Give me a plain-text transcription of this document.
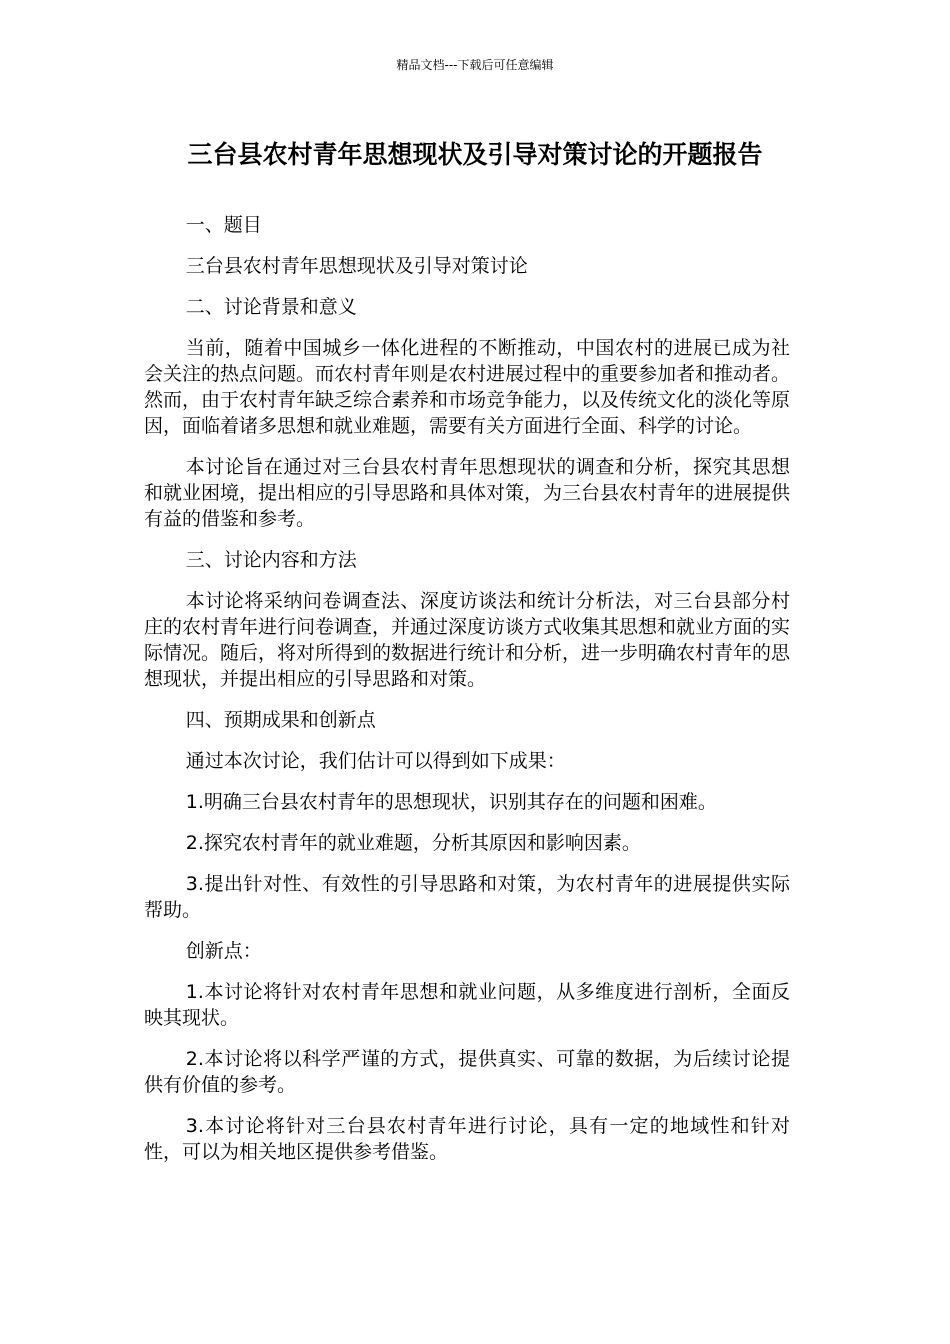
精品文档---下载后可任意编辑
三台县农村青年思想现状及引导对策讨论的开题报告

一、题目

三台县农村青年思想现状及引导对策讨论

二、讨论背景和意义

当前，随着中国城乡一体化进程的不断推动，中国农村的进展已成为社会关注的热点问题。而农村青年则是农村进展过程中的重要参加者和推动者。然而，由于农村青年缺乏综合素养和市场竞争能力，以及传统文化的淡化等原因，面临着诸多思想和就业难题，需要有关方面进行全面、科学的讨论。

本讨论旨在通过对三台县农村青年思想现状的调查和分析，探究其思想和就业困境，提出相应的引导思路和具体对策，为三台县农村青年的进展提供有益的借鉴和参考。

三、讨论内容和方法

本讨论将采纳问卷调查法、深度访谈法和统计分析法，对三台县部分村庄的农村青年进行问卷调查，并通过深度访谈方式收集其思想和就业方面的实际情况。随后，将对所得到的数据进行统计和分析，进一步明确农村青年的思想现状，并提出相应的引导思路和对策。

四、预期成果和创新点

通过本次讨论，我们估计可以得到如下成果：

1.明确三台县农村青年的思想现状，识别其存在的问题和困难。

2.探究农村青年的就业难题，分析其原因和影响因素。

3.提出针对性、有效性的引导思路和对策，为农村青年的进展提供实际帮助。

创新点：

1.本讨论将针对农村青年思想和就业问题，从多维度进行剖析，全面反映其现状。

2.本讨论将以科学严谨的方式，提供真实、可靠的数据，为后续讨论提供有价值的参考。

3.本讨论将针对三台县农村青年进行讨论，具有一定的地域性和针对性，可以为相关地区提供参考借鉴。
